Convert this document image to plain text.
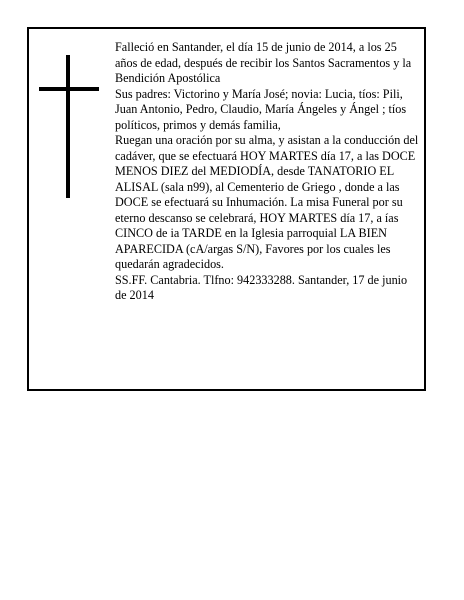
Falleció en Santander, el día 15 de junio de 2014, a los 25 años de edad, después de recibir los Santos Sacramentos y la Bendición Apostólica

Sus padres: Victorino y María José; novia: Lucia, tíos: Pili, Juan Antonio, Pedro, Claudio, María Ángeles y Ángel ; tíos políticos, primos y demás familia,

Ruegan una oración por su alma, y asistan a la conducción del cadáver, que se efectuará HOY MARTES día 17, a las DOCE MENOS DIEZ del MEDIODÍA, desde TANATORIO EL ALISAL (sala n99), al Cementerio de Griego , donde a las DOCE se efectuará su Inhumación. La misa Funeral por su eterno descanso se celebrará, HOY MARTES día 17, a ías CINCO de ia TARDE en la Iglesia parroquial LA BIEN APARECIDA (cA/argas S/N), Favores por los cuales les quedarán agradecidos.

SS.FF. Cantabria. Tlfno: 942333288. Santander, 17 de junio de 2014
